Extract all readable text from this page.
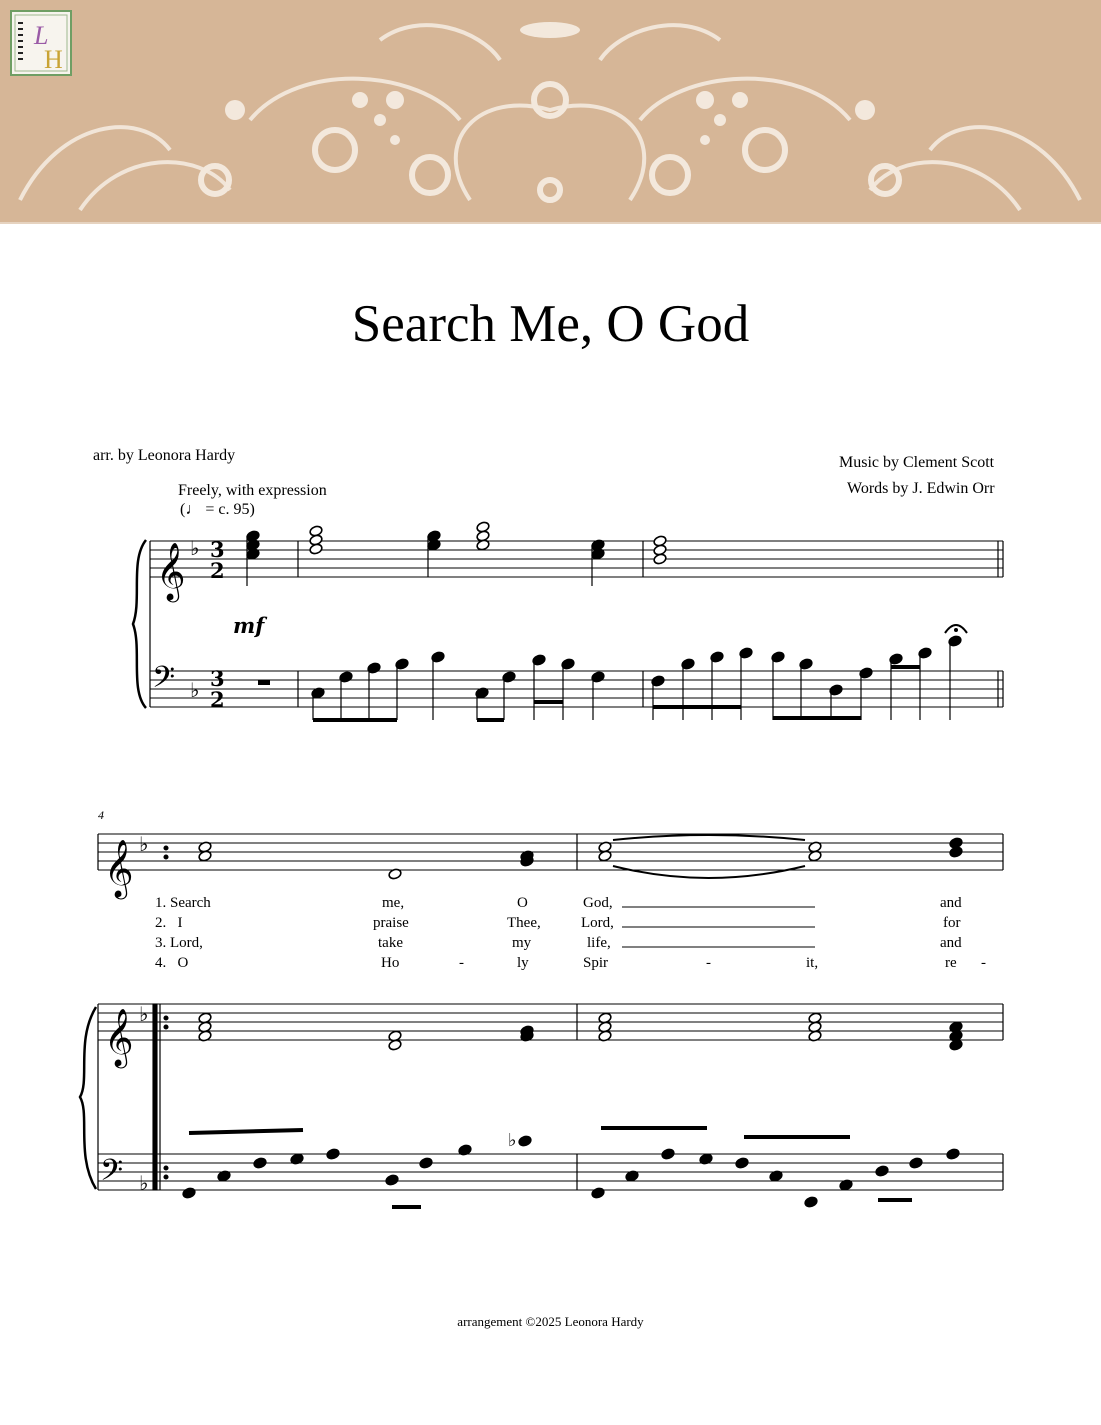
L
H
Search Me, O God
arr. by Leonora Hardy	Music by Clement Scott
Words by J. Edwin Orr
Freely, with expression
(♩ = c. 95)
♭
𝄞
𝄢
𝄞
𝄞
𝄢
♭
♭
♭
♭
♭
3
2
3
2
mf
4
1. Search	me,	O	God,	and
2.   I	praise	Thee,	Lord,	for
3. Lord,	take	my	life,	and
4.   O	Ho	-	ly	Spir	-	it,	re -
arrangement ©2025 Leonora Hardy
